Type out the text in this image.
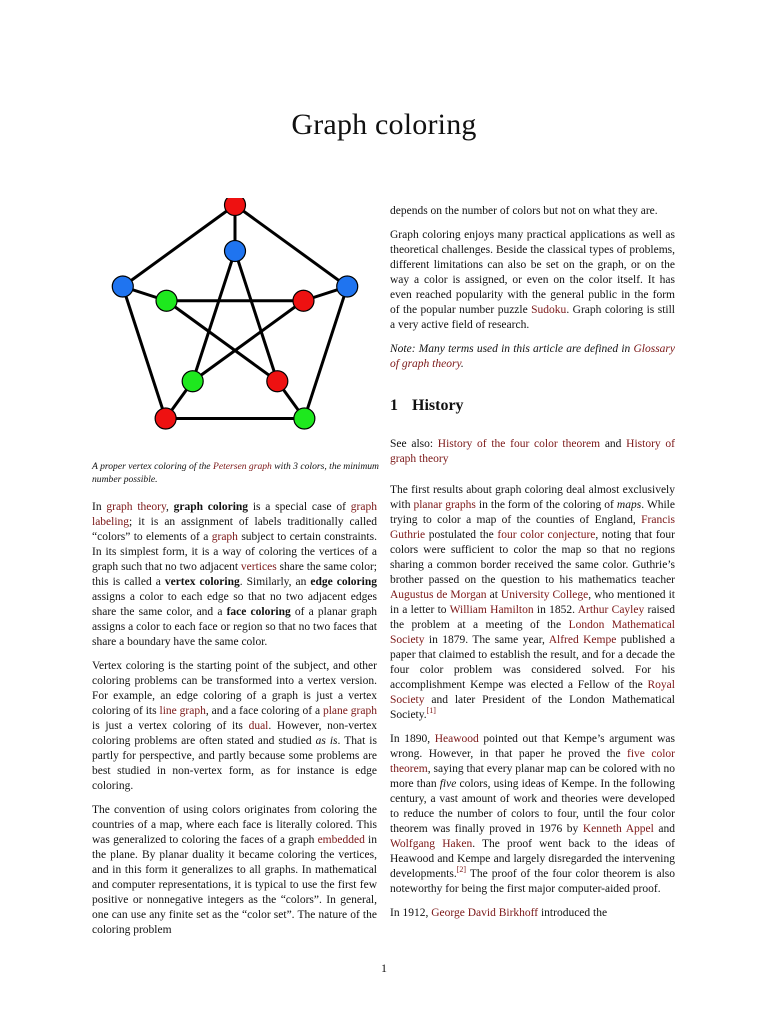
Graph coloring
A proper vertex coloring of the Petersen graph with 3 colors, the minimum number possible.

In graph theory, graph coloring is a special case of graph labeling; it is an assignment of labels traditionally called “colors” to elements of a graph subject to certain constraints. In its simplest form, it is a way of coloring the vertices of a graph such that no two adjacent vertices share the same color; this is called a vertex coloring. Similarly, an edge coloring assigns a color to each edge so that no two adjacent edges share the same color, and a face coloring of a planar graph assigns a color to each face or region so that no two faces that share a boundary have the same color.

Vertex coloring is the starting point of the subject, and other coloring problems can be transformed into a vertex version. For example, an edge coloring of a graph is just a vertex coloring of its line graph, and a face coloring of a plane graph is just a vertex coloring of its dual. However, non-vertex coloring problems are often stated and studied as is. That is partly for perspective, and partly because some problems are best studied in non-vertex form, as for instance is edge coloring.

The convention of using colors originates from coloring the countries of a map, where each face is literally colored. This was generalized to coloring the faces of a graph embedded in the plane. By planar duality it became coloring the vertices, and in this form it generalizes to all graphs. In mathematical and computer representations, it is typical to use the first few positive or nonnegative integers as the “colors”. In general, one can use any finite set as the “color set”. The nature of the coloring problem

depends on the number of colors but not on what they are.

Graph coloring enjoys many practical applications as well as theoretical challenges. Beside the classical types of problems, different limitations can also be set on the graph, or on the way a color is assigned, or even on the color itself. It has even reached popularity with the general public in the form of the popular number puzzle Sudoku. Graph coloring is still a very active field of research.

Note: Many terms used in this article are defined in Glossary of graph theory.

1 History

See also: History of the four color theorem and History of graph theory

The first results about graph coloring deal almost exclusively with planar graphs in the form of the coloring of maps. While trying to color a map of the counties of England, Francis Guthrie postulated the four color conjecture, noting that four colors were sufficient to color the map so that no regions sharing a common border received the same color. Guthrie’s brother passed on the question to his mathematics teacher Augustus de Morgan at University College, who mentioned it in a letter to William Hamilton in 1852. Arthur Cayley raised the problem at a meeting of the London Mathematical Society in 1879. The same year, Alfred Kempe published a paper that claimed to establish the result, and for a decade the four color problem was considered solved. For his accomplishment Kempe was elected a Fellow of the Royal Society and later President of the London Mathematical Society.[1]

In 1890, Heawood pointed out that Kempe’s argument was wrong. However, in that paper he proved the five color theorem, saying that every planar map can be colored with no more than five colors, using ideas of Kempe. In the following century, a vast amount of work and theories were developed to reduce the number of colors to four, until the four color theorem was finally proved in 1976 by Kenneth Appel and Wolfgang Haken. The proof went back to the ideas of Heawood and Kempe and largely disregarded the intervening developments.[2] The proof of the four color theorem is also noteworthy for being the first major computer-aided proof.

In 1912, George David Birkhoff introduced the

1
